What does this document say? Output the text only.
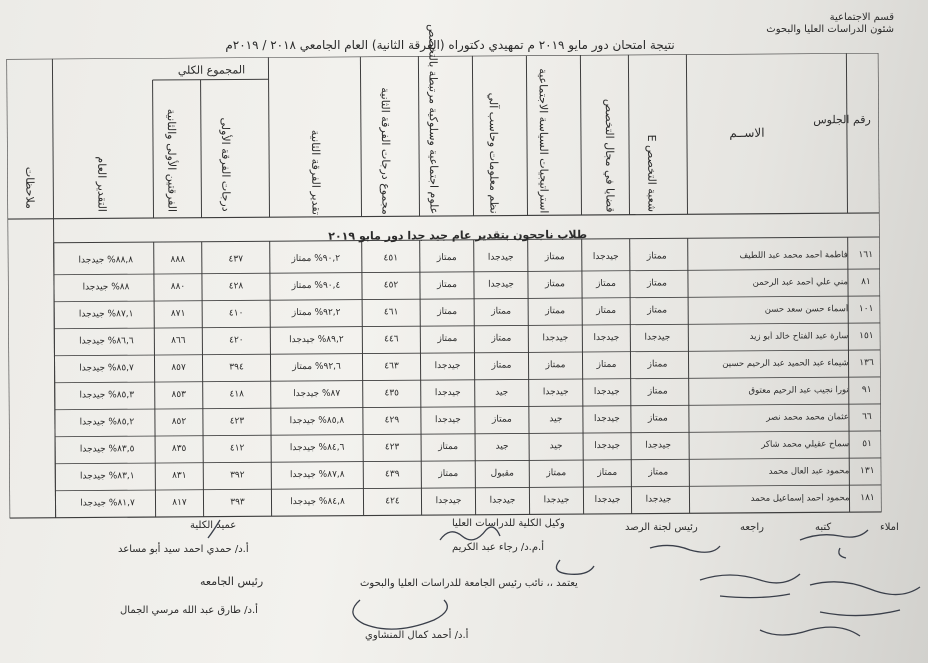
قسم الاجتماعية
شئون الدراسات العليا والبحوث
نتيجة امتحان دور مايو ٢٠١٩ م تمهيدي دكتوراه (الفرقة الثانية) العام الجامعي ٢٠١٨ / ٢٠١٩م
رقم الجلوس
الاســم
شعبة التخصص E
قضايا في مجال التخصص
استراتيجيات السياسة الاجتماعية
نظم معلومات وحاسب آلي
علوم اجتماعية وسلوكية مرتبطة بالتخصص
مجموع درجات الفرقة الثانية
تقدير الفرقة الثانية
المجموع الكلي
درجات الفرقة الأولى
الفرقتين الأولى والثانية
التقدير العام
ملاحظات
طلاب ناجحون بتقدير عام جيد جدا دور مايو ٢٠١٩
١٦١
فاطمة أحمد محمد عبد اللطيف
ممتاز
جيدجدا
ممتاز
جيدجدا
ممتاز
٤٥١
٩٠,٢% ممتاز
٤٣٧
٨٨٨
٨٨,٨% جيدجدا
٨١
مني علي أحمد عبد الرحمن
ممتاز
ممتاز
ممتاز
جيدجدا
ممتاز
٤٥٢
٩٠,٤% ممتاز
٤٢٨
٨٨٠
٨٨% جيدجدا
١٠١
أسماء حسن سعد حسن
ممتاز
ممتاز
ممتاز
ممتاز
ممتاز
٤٦١
٩٢,٢% ممتاز
٤١٠
٨٧١
٨٧,١% جيدجدا
١٥١
سارة عبد الفتاح خالد أبو زيد
جيدجدا
جيدجدا
جيدجدا
ممتاز
ممتاز
٤٤٦
٨٩,٢% جيدجدا
٤٢٠
٨٦٦
٨٦,٦% جيدجدا
١٣٦
شيماء عبد الحميد عبد الرحيم حسين
ممتاز
ممتاز
ممتاز
ممتاز
جيدجدا
٤٦٣
٩٢,٦% ممتاز
٣٩٤
٨٥٧
٨٥,٧% جيدجدا
٩١
نورا نجيب عبد الرحيم معتوق
ممتاز
جيدجدا
جيدجدا
جيد
جيدجدا
٤٣٥
٨٧% جيدجدا
٤١٨
٨٥٣
٨٥,٣% جيدجدا
٦٦
عثمان محمد محمد نصر
ممتاز
جيدجدا
جيد
ممتاز
جيدجدا
٤٢٩
٨٥,٨% جيدجدا
٤٢٣
٨٥٢
٨٥,٢% جيدجدا
٥١
سماح عقيلي محمد شاكر
جيدجدا
جيدجدا
جيد
جيد
ممتاز
٤٢٣
٨٤,٦% جيدجدا
٤١٢
٨٣٥
٨٣,٥% جيدجدا
١٣١
محمود عبد العال محمد
ممتاز
ممتاز
ممتاز
مقبول
ممتاز
٤٣٩
٨٧,٨% جيدجدا
٣٩٢
٨٣١
٨٣,١% جيدجدا
١٨١
محمود أحمد إسماعيل محمد
جيدجدا
جيدجدا
جيدجدا
جيدجدا
جيدجدا
٤٢٤
٨٤,٨% جيدجدا
٣٩٣
٨١٧
٨١,٧% جيدجدا
املاء
كتبه
راجعه
رئيس لجنة الرصد
وكيل الكلية للدراسات العليا
أ.م.د/ رجاء عبد الكريم
عميد الكلية
أ.د/ حمدي احمد سيد أبو مساعد
يعتمد ،، نائب رئيس الجامعة للدراسات العليا والبحوث
أ.د/ أحمد كمال المنشاوي
رئيس الجامعه
أ.د/ طارق عبد الله مرسي الجمال
